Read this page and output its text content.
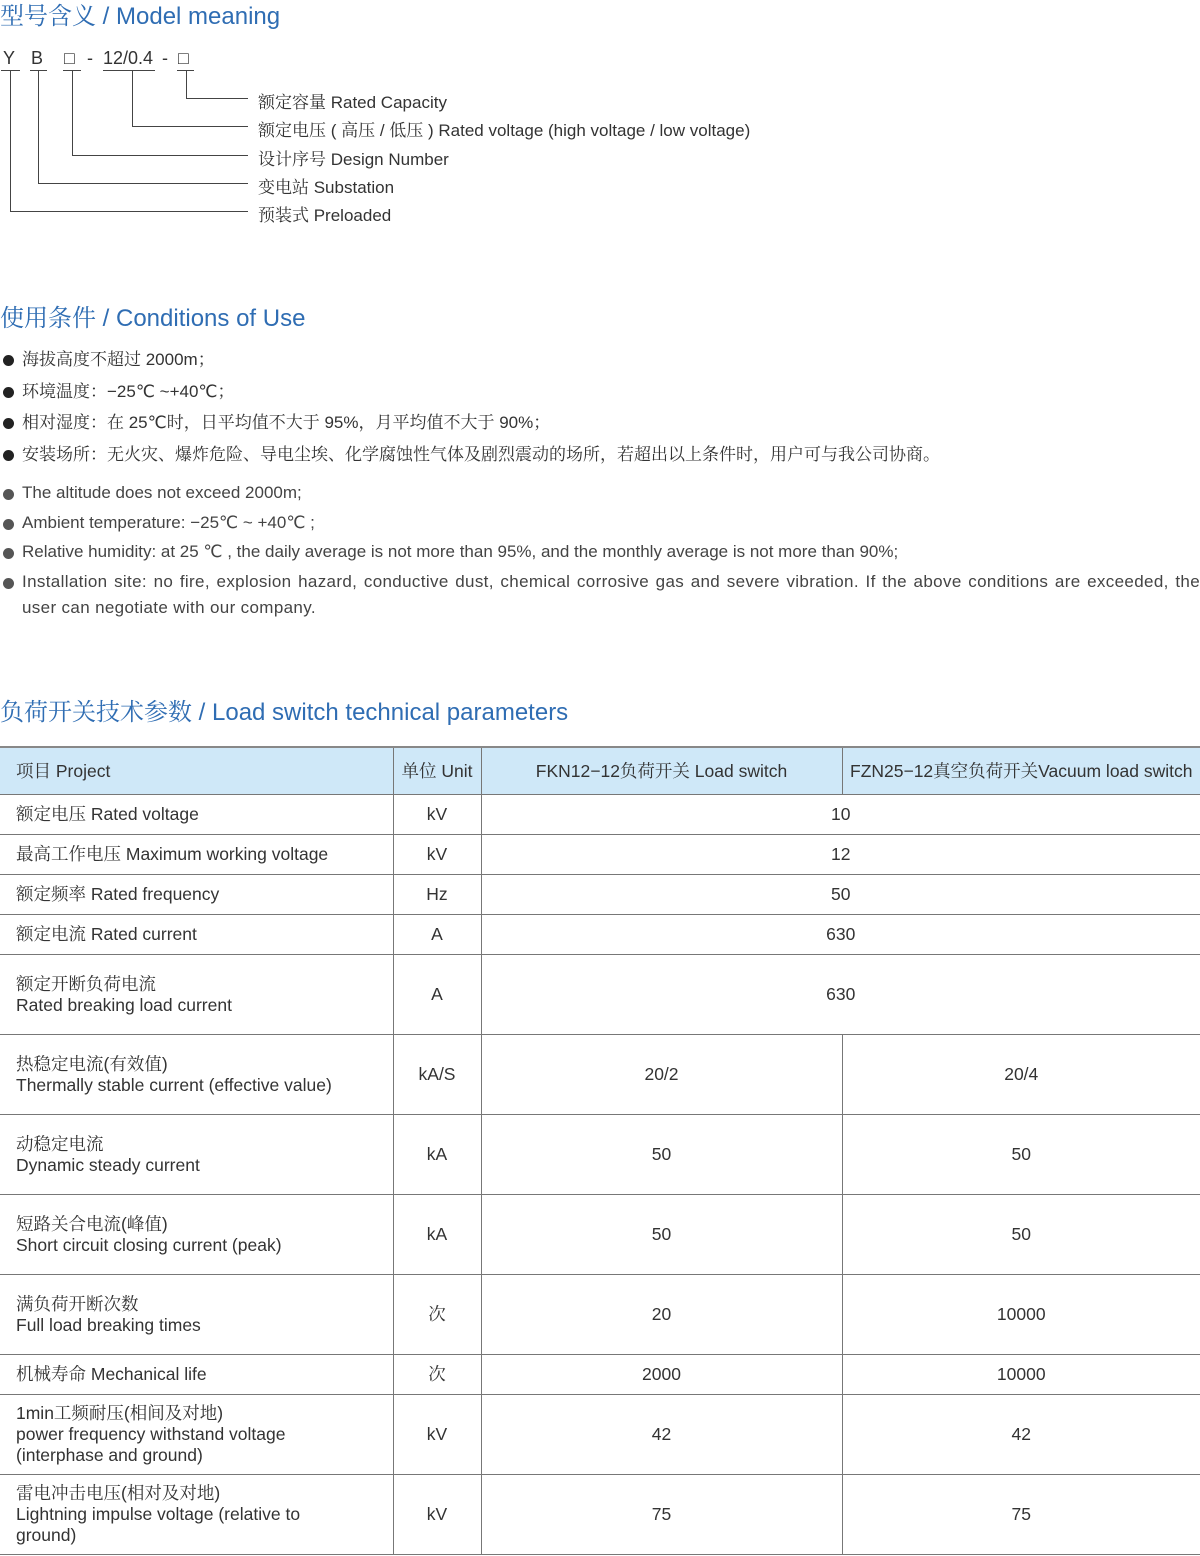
型号含义 / Model meaning
Y B □ - 12/0.4 - □
额定容量 Rated Capacity
额定电压 ( 高压 / 低压 ) Rated voltage (high voltage / low voltage)
设计序号 Design Number
变电站 Substation
预装式 Preloaded
使用条件 / Conditions of Use
海拔高度不超过 2000m；
环境温度：−25℃ ~+40℃；
相对湿度：在 25℃时，日平均值不大于 95%，月平均值不大于 90%；
安装场所：无火灾、爆炸危险、导电尘埃、化学腐蚀性气体及剧烈震动的场所，若超出以上条件时，用户可与我公司协商。
The altitude does not exceed 2000m;
Ambient temperature: −25℃ ~ +40℃ ;
Relative humidity: at 25 ℃ , the daily average is not more than 95%, and the monthly average is not more than 90%;
Installation site: no fire, explosion hazard, conductive dust, chemical corrosive gas and severe vibration. If the above conditions are exceeded, the user can negotiate with our company.
负荷开关技术参数 / Load switch technical parameters
项目 Project	单位 Unit	FKN12−12负荷开关 Load switch	FZN25−12真空负荷开关Vacuum load switch
额定电压 Rated voltage	kV	10	
最高工作电压 Maximum working voltage	kV	12	
额定频率 Rated frequency	Hz	50	
额定电流 Rated current	A	630	
额定开断负荷电流
Rated breaking load current	A	630	
热稳定电流(有效值)
Thermally stable current (effective value)	kA/S	20/2	20/4
动稳定电流
Dynamic steady current	kA	50	50
短路关合电流(峰值)
Short circuit closing current (peak)	kA	50	50
满负荷开断次数
Full load breaking times	次	20	10000
机械寿命 Mechanical life	次	2000	10000
1min工频耐压(相间及对地)
power frequency withstand voltage
(interphase and ground)	kV	42	42
雷电冲击电压(相对及对地)
Lightning impulse voltage (relative to
ground)	kV	75	75
